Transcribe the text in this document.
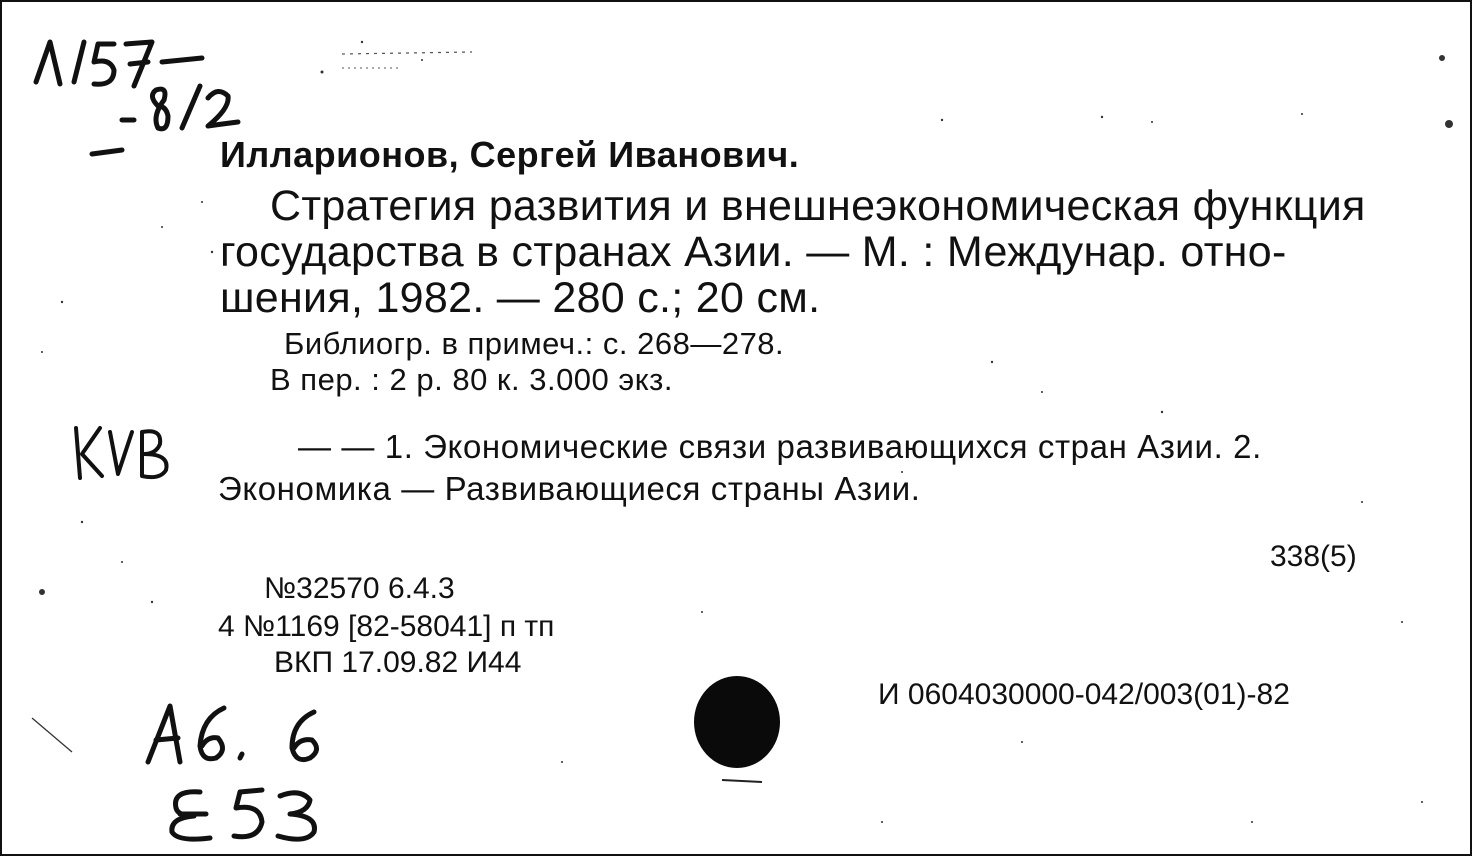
Илларионов, Сергей Иванович.

Стратегия развития и внешнеэкономическая функция

государства в странах Азии. — М. : Междунар. отно-

шения, 1982. — 280 с.; 20 см.

Библиогр. в примеч.: с. 268—278.

В пер. : 2 р. 80 к. 3.000 экз.

— — 1. Экономические связи развивающихся стран Азии. 2.

Экономика — Развивающиеся страны Азии.

338(5)

№32570 6.4.3

4 №1169 [82-58041] п тп

ВКП 17.09.82 И44

И 0604030000-042/003(01)-82
